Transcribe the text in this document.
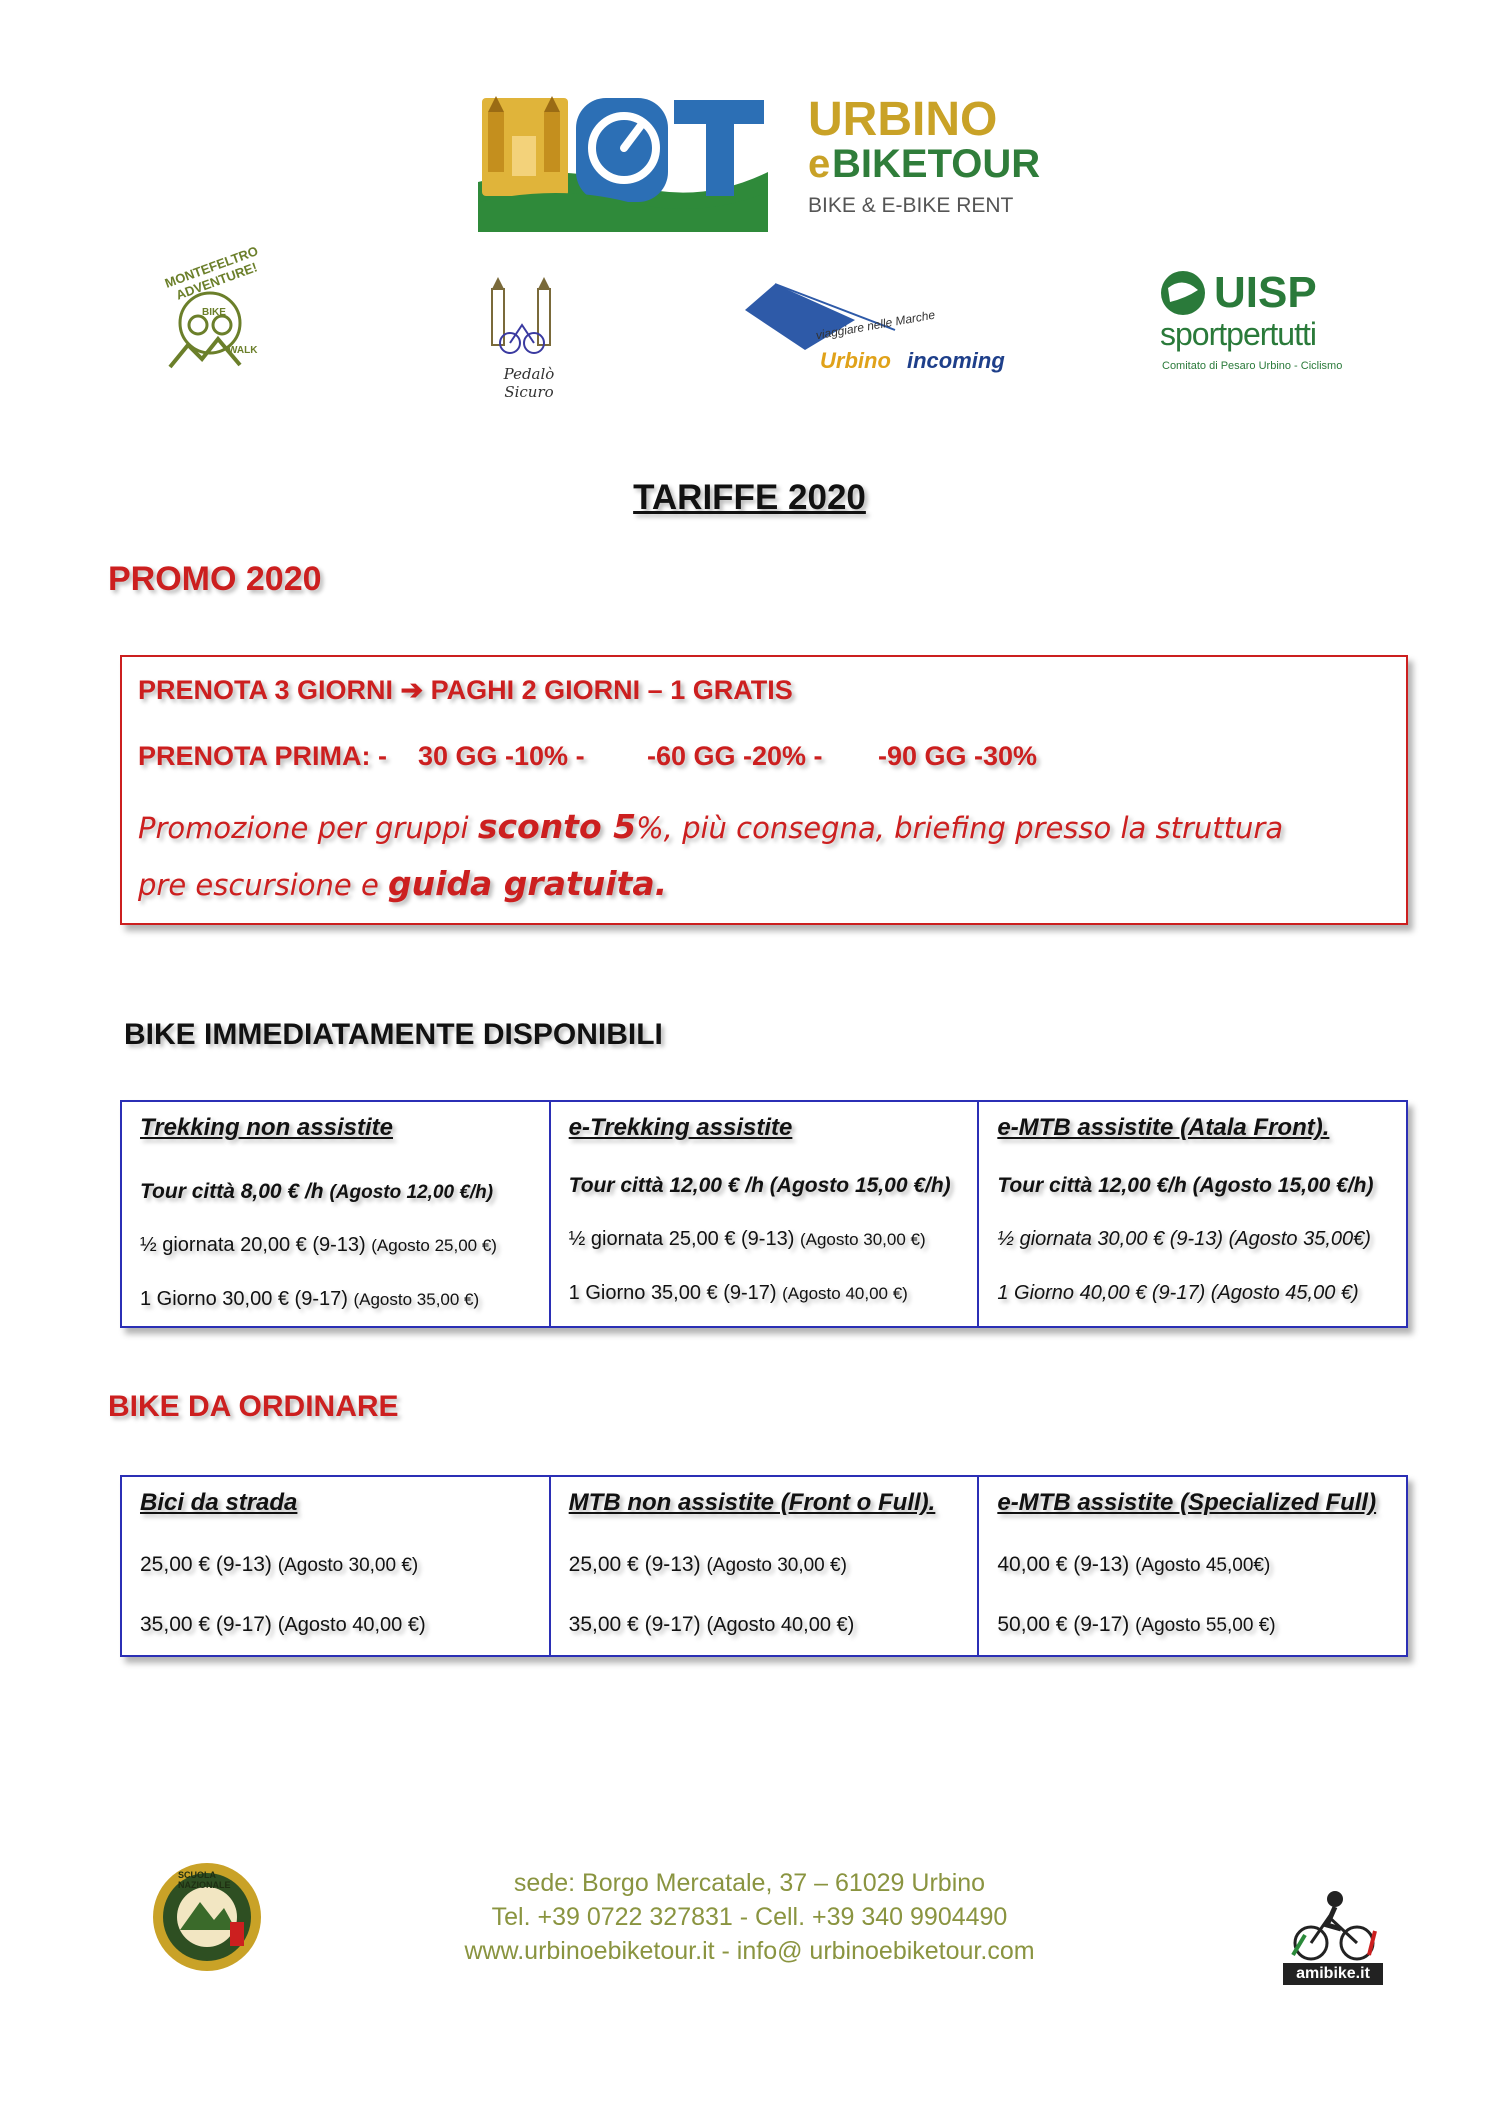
URBINO
e BIKETOUR
BIKE & E-BIKE RENT
MONTEFELTRO ADVENTURE!
BIKE
WALK
Pedalò Sicuro
viaggiare nelle Marche
Urbino incoming
UISP
sportpertutti
Comitato di Pesaro Urbino - Ciclismo
TARIFFE 2020
PROMO 2020
PRENOTA 3 GIORNI ➔ PAGHI 2 GIORNI – 1 GRATIS
PRENOTA PRIMA: - 30 GG -10% - -60 GG -20% - -90 GG -30%
Promozione per gruppi sconto 5%, più consegna, briefing presso la struttura pre escursione e guida gratuita.
BIKE IMMEDIATAMENTE DISPONIBILI
Trekking non assistite
Tour città 8,00 € /h (Agosto 12,00 €/h)
½ giornata 20,00 € (9-13) (Agosto 25,00 €)
1 Giorno 30,00 € (9-17) (Agosto 35,00 €)
e-Trekking assistite
Tour città 12,00 € /h (Agosto 15,00 €/h)
½ giornata 25,00 € (9-13) (Agosto 30,00 €)
1 Giorno 35,00 € (9-17) (Agosto 40,00 €)
e-MTB assistite (Atala Front).
Tour città 12,00 €/h (Agosto 15,00 €/h)
½ giornata 30,00 € (9-13) (Agosto 35,00€)
1 Giorno 40,00 € (9-17) (Agosto 45,00 €)
BIKE DA ORDINARE
Bici da strada
25,00 € (9-13) (Agosto 30,00 €)
35,00 € (9-17) (Agosto 40,00 €)
MTB non assistite (Front o Full).
25,00 € (9-13) (Agosto 30,00 €)
35,00 € (9-17) (Agosto 40,00 €)
e-MTB assistite (Specialized Full)
40,00 € (9-13) (Agosto 45,00€)
50,00 € (9-17) (Agosto 55,00 €)
SCUOLA NAZIONALE	sede: Borgo Mercatale, 37 – 61029 Urbino
Tel. +39 0722 327831 - Cell. +39 340 9904490
www.urbinoebiketour.it - info@ urbinoebiketour.com
amibike.it
